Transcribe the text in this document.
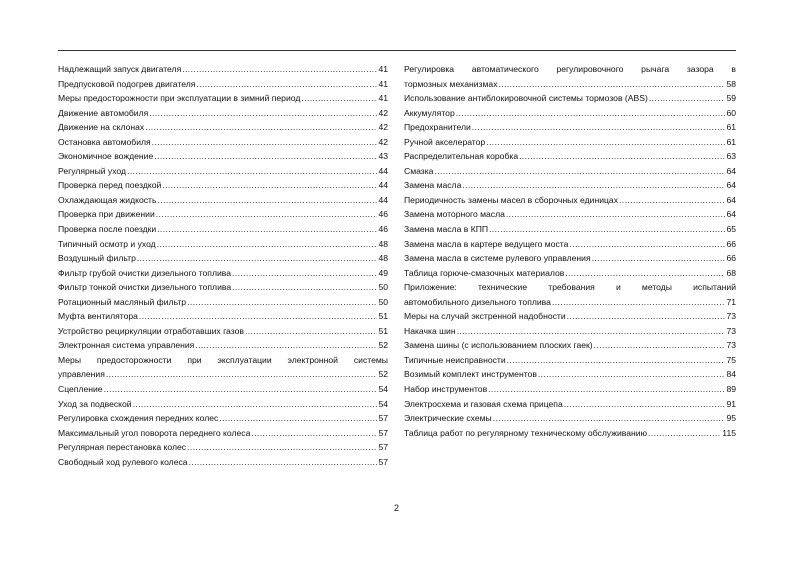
Надлежащий запуск двигателя .....	41
Предпусковой подогрев двигателя .....	41
Меры предосторожности при эксплуатации в зимний период .....	41
Движение автомобиля .....	42
Движение на склонах .....	42
Остановка автомобиля .....	42
Экономичное вождение .....	43
Регулярный уход .....	44
Проверка перед поездкой .....	44
Охлаждающая жидкость .....	44
Проверка при движении .....	46
Проверка после поездки .....	46
Типичный осмотр и уход .....	48
Воздушный фильтр .....	48
Фильтр грубой очистки дизельного топлива .....	49
Фильтр тонкой очистки дизельного топлива .....	50
Ротационный масляный фильтр .....	50
Муфта вентилятора .....	51
Устройство рециркуляции отработавших газов .....	51
Электронная система управления .....	52
Меры предосторожности при эксплуатации электронной системы
управления .....	52
Сцепление .....	54
Уход за подвеской .....	54
Регулировка схождения передних колес .....	57
Максимальный угол поворота переднего колеса .....	57
Регулярная перестановка колес .....	57
Свободный ход рулевого колеса .....	57
Регулировка автоматического регулировочного рычага зазора в
тормозных механизмах .....	58
Использование антиблокировочной системы тормозов (ABS) .....	59
Аккумулятор .....	60
Предохранители .....	61
Ручной акселератор .....	61
Распределительная коробка .....	63
Смазка .....	64
Замена масла .....	64
Периодичность замены масел в сборочных единицах .....	64
Замена моторного масла .....	64
Замена масла в КПП .....	65
Замена масла в картере ведущего моста .....	66
Замена масла в системе рулевого управления .....	66
Таблица горюче-смазочных материалов .....	68
Приложение: технические требования и методы испытаний
автомобильного дизельного топлива .....	71
Меры на случай экстренной надобности .....	73
Накачка шин .....	73
Замена шины (с использованием плоских гаек) .....	73
Типичные неисправности .....	75
Возимый комплект инструментов .....	84
Набор инструментов .....	89
Электросхема и газовая схема прицепа .....	91
Электрические схемы .....	95
Таблица работ по регулярному техническому обслуживанию .....	115
2
